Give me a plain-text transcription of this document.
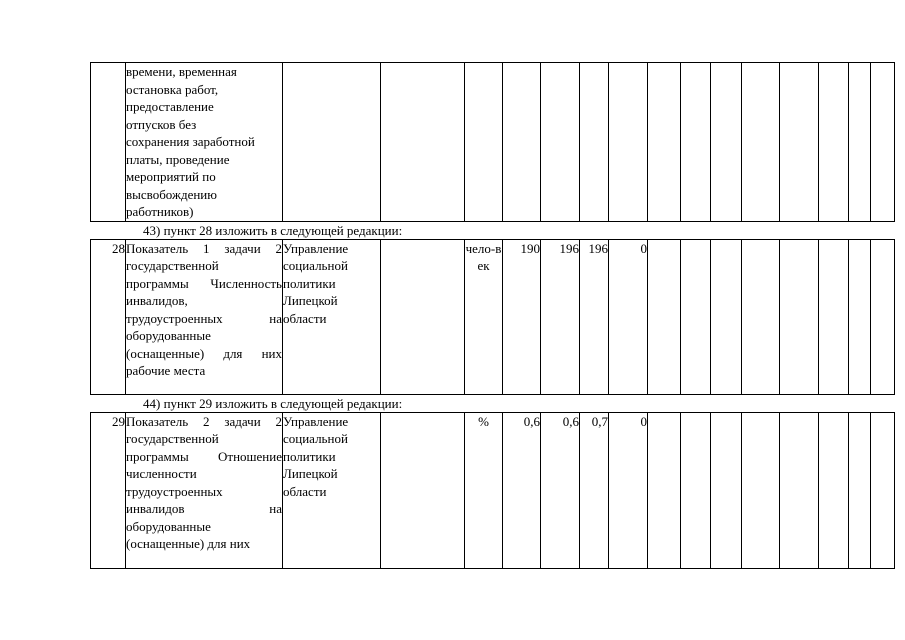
времени, временная
остановка работ,
предоставление
отпусков без
сохранения заработной
платы, проведение
мероприятий по
высвобождению
работников)

43) пункт 28 изложить в следующей редакции:
28	Показатель 1 задачи 2 государственной программы Численность инвалидов, трудоустроенных на оборудованные (оснащенные) для них рабочие места	Управление социальной политики Липецкой области		чело-век	190	196	196	0								
44) пункт 29 изложить в следующей редакции:
29	Показатель 2 задачи 2 государственной программы Отношение численности трудоустроенных инвалидов на оборудованные (оснащенные) для них	Управление социальной политики Липецкой области		%	0,6	0,6	0,7	0								
